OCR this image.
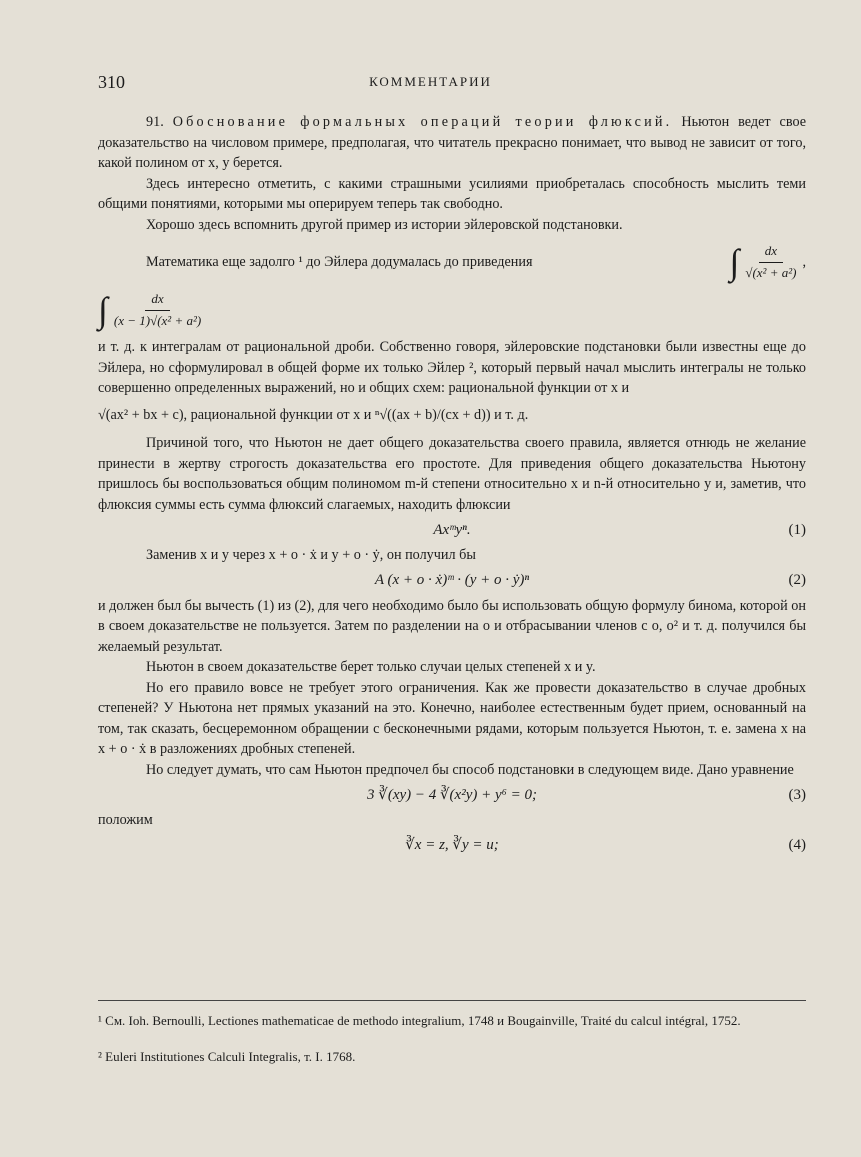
310	КОММЕНТАРИИ

91. Обоснование формальных операций теории флюксий. Ньютон ведет свое доказательство на числовом примере, предполагая, что читатель прекрасно понимает, что вывод не зависит от того, какой полином от x, y берется.

Здесь интересно отметить, с какими страшными усилиями приобреталась способность мыслить теми общими понятиями, которыми мы оперируем теперь так свободно.

Хорошо здесь вспомнить другой пример из истории эйлеровской подстановки.

Математика еще задолго ¹ до Эйлера додумалась до приведения	∫ $\frac{dx}{\text{√(x² + a²)}}$ ,
∫ $\frac{dx}{\text{(x − 1)√(x² + a²)}}$

и т. д. к интегралам от рациональной дроби. Собственно говоря, эйлеровские подстановки были известны еще до Эйлера, но сформулировал в общей форме их только Эйлер ², который первый начал мыслить интегралы не только совершенно определенных выражений, но и общих схем: рациональной функции от x и

√(ax² + bx + c), рациональной функции от x и ⁿ√((ax + b)/(cx + d)) и т. д.

Причиной того, что Ньютон не дает общего доказательства своего правила, является отнюдь не желание принести в жертву строгость доказательства его простоте. Для приведения общего доказательства Ньютону пришлось бы воспользоваться общим полиномом m-й степени относительно x и n-й относительно y и, заметив, что флюксия суммы есть сумма флюксий слагаемых, находить флюксии

Axᵐyⁿ.	(1)

Заменив x и y через x + o · ẋ и y + o · ẏ, он получил бы

A (x + o · ẋ)ᵐ · (y + o · ẏ)ⁿ	(2)

и должен был бы вычесть (1) из (2), для чего необходимо было бы использовать общую формулу бинома, которой он в своем доказательстве не пользуется. Затем по разделении на o и отбрасывании членов с o, o² и т. д. получился бы желаемый результат.

Ньютон в своем доказательстве берет только случаи целых степеней x и y.

Но его правило вовсе не требует этого ограничения. Как же провести доказательство в случае дробных степеней? У Ньютона нет прямых указаний на это. Конечно, наиболее естественным будет прием, основанный на том, так сказать, бесцеремонном обращении с бесконечными рядами, которым пользуется Ньютон, т. е. замена x на x + o · ẋ в разложениях дробных степеней.

Но следует думать, что сам Ньютон предпочел бы способ подстановки в следующем виде. Дано уравнение

3 ∛(xy) − 4 ∛(x²y) + y⁶ = 0;	(3)

положим

∛x = z, ∛y = u;	(4)
¹ См. Ioh. Bernoulli, Lectiones mathematicae de methodo integralium, 1748 и Bougainville, Traité du calcul intégral, 1752.
² Euleri Institutiones Calculi Integralis, т. I. 1768.
